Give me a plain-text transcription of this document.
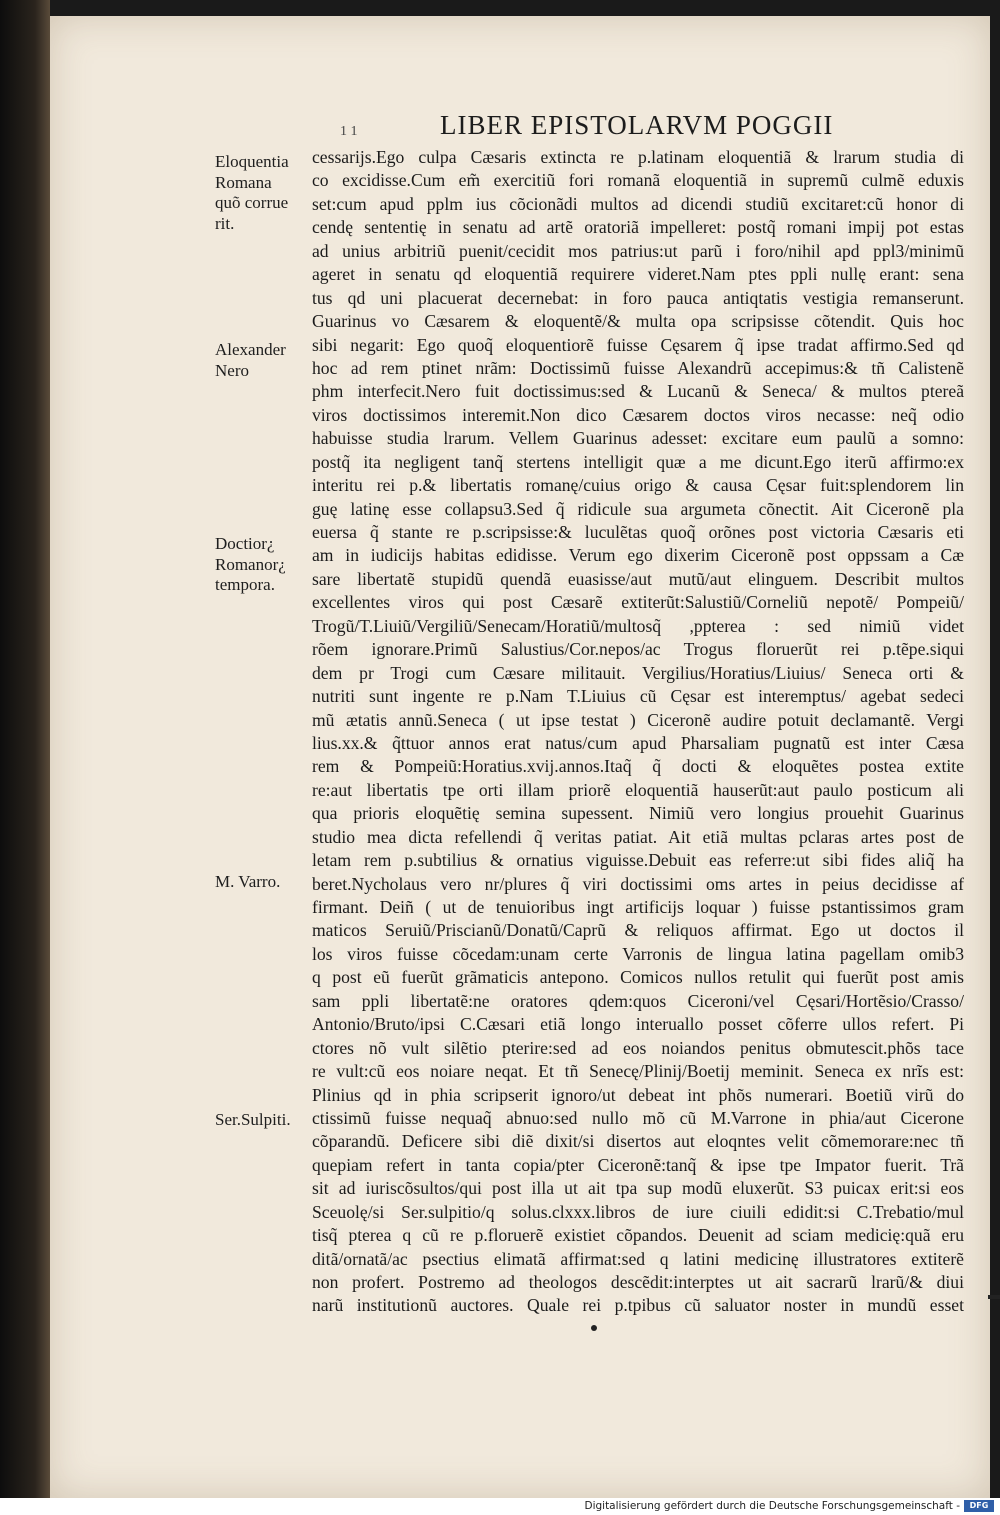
1 1	LIBER EPISTOLARVM POGGII
Eloquentia
Romana
quõ corrue
rit.
Alexander
Nero
Doctior¿
Romanor¿
tempora.
M. Varro.
Ser.Sulpiti.
cessarijs.Ego culpa Cæsaris extincta re p.latinam eloquentiã & lrarum studia di
co excidisse.Cum em̃ exercitiũ fori romanã eloquentiã in supremũ culmẽ eduxis
set:cum apud pplm ius cõcionãdi multos ad dicendi studiũ excitaret:cũ honor di
cendę sententię in senatu ad artẽ oratoriã impelleret: postq̃ romani impij pot estas
ad unius arbitriũ puenit/cecidit mos patrius:ut parũ i foro/nihil apd ppl3/minimũ
ageret in senatu qd eloquentiã requirere videret.Nam ptes ppli nullę erant: sena
tus qd uni placuerat decernebat: in foro pauca antiqtatis vestigia remanserunt.
Guarinus vo Cæsarem & eloquentẽ/& multa opa scripsisse cõtendit. Quis hoc
sibi negarit: Ego quoq̃ eloquentiorẽ fuisse Cęsarem q̃ ipse tradat affirmo.Sed qd
hoc ad rem ptinet nrãm: Doctissimũ fuisse Alexandrũ accepimus:& tñ Calistenẽ
phm interfecit.Nero fuit doctissimus:sed & Lucanũ & Seneca/ & multos ptereã
viros doctissimos interemit.Non dico Cæsarem doctos viros necasse: neq̃ odio
habuisse studia lrarum. Vellem Guarinus adesset: excitare eum paulũ a somno:
postq̃ ita negligent tanq̃ stertens intelligit quæ a me dicunt.Ego iterũ affirmo:ex
interitu rei p.& libertatis romanę/cuius origo & causa Cęsar fuit:splendorem lin
guę latinę esse collapsu3.Sed q̃ ridicule sua argumeta cõnectit. Ait Ciceronẽ pla
euersa q̃ stante re p.scripsisse:& luculẽtas quoq̃ orõnes post victoria Cæsaris eti
am in iudicijs habitas edidisse. Verum ego dixerim Ciceronẽ post oppssam a Cæ
sare libertatẽ stupidũ quendã euasisse/aut mutũ/aut elinguem. Describit multos
excellentes viros qui post Cæsarẽ extiterũt:Salustiũ/Corneliũ nepotẽ/ Pompeiũ/
Trogũ/T.Liuiũ/Vergiliũ/Senecam/Horatiũ/multosq̃ ,ppterea : sed nimiũ videt
rõem ignorare.Primũ Salustius/Cor.nepos/ac Trogus floruerũt rei p.tẽpe.siqui
dem pr Trogi cum Cæsare militauit. Vergilius/Horatius/Liuius/ Seneca orti &
nutriti sunt ingente re p.Nam T.Liuius cũ Cęsar est interemptus/ agebat sedeci
mũ ætatis annũ.Seneca ( ut ipse testat ) Ciceronẽ audire potuit declamantẽ. Vergi
lius.xx.& q̃ttuor annos erat natus/cum apud Pharsaliam pugnatũ est inter Cæsa
rem & Pompeiũ:Horatius.xvij.annos.Itaq̃ q̃ docti & eloquẽtes postea extite
re:aut libertatis tpe orti illam priorẽ eloquentiã hauserũt:aut paulo posticum ali
qua prioris eloquẽtię semina supessent. Nimiũ vero longius prouehit Guarinus
studio mea dicta refellendi q̃ veritas patiat. Ait etiã multas pclaras artes post de
letam rem p.subtilius & ornatius viguisse.Debuit eas referre:ut sibi fides aliq̃ ha
beret.Nycholaus vero nr/plures q̃ viri doctissimi oms artes in peius decidisse af
firmant. Deiñ ( ut de tenuioribus ingt artificijs loquar ) fuisse pstantissimos gram
maticos Seruiũ/Priscianũ/Donatũ/Caprũ & reliquos affirmat. Ego ut doctos il
los viros fuisse cõcedam:unam certe Varronis de lingua latina pagellam omib3
q post eũ fuerũt grãmaticis antepono. Comicos nullos retulit qui fuerũt post amis
sam ppli libertatẽ:ne oratores qdem:quos Ciceroni/vel Cęsari/Hortẽsio/Crasso/
Antonio/Bruto/ipsi C.Cæsari etiã longo interuallo posset cõferre ullos refert. Pi
ctores nõ vult silẽtio pterire:sed ad eos noiandos penitus obmutescit.phõs tace
re vult:cũ eos noiare neqat. Et tñ Senecę/Plinij/Boetij meminit. Seneca ex nrĩs est:
Plinius qd in phia scripserit ignoro/ut debeat int phõs numerari. Boetiũ virũ do
ctissimũ fuisse nequaq̃ abnuo:sed nullo mõ cũ M.Varrone in phia/aut Cicerone
cõparandũ. Deficere sibi diẽ dixit/si disertos aut eloqntes velit cõmemorare:nec tñ
quepiam refert in tanta copia/pter Ciceronẽ:tanq̃ & ipse tpe Impator fuerit. Trã
sit ad iuriscõsultos/qui post illa ut ait tpa sup modũ eluxerũt. S3 puicax erit:si eos
Sceuolę/si Ser.sulpitio/q solus.clxxx.libros de iure ciuili edidit:si C.Trebatio/mul
tisq̃ pterea q cũ re p.floruerẽ existiet cõpandos. Deuenit ad sciam medicię:quã eru
ditã/ornatã/ac psectius elimatã affirmat:sed q latini medicinę illustratores extiterẽ
non profert. Postremo ad theologos descẽdit:interptes ut ait sacrarũ lrarũ/& diui
narũ institutionũ auctores. Quale rei p.tpibus cũ saluator noster in mundũ esset
Digitalisierung gefördert durch die Deutsche Forschungsgemeinschaft -	DFG
